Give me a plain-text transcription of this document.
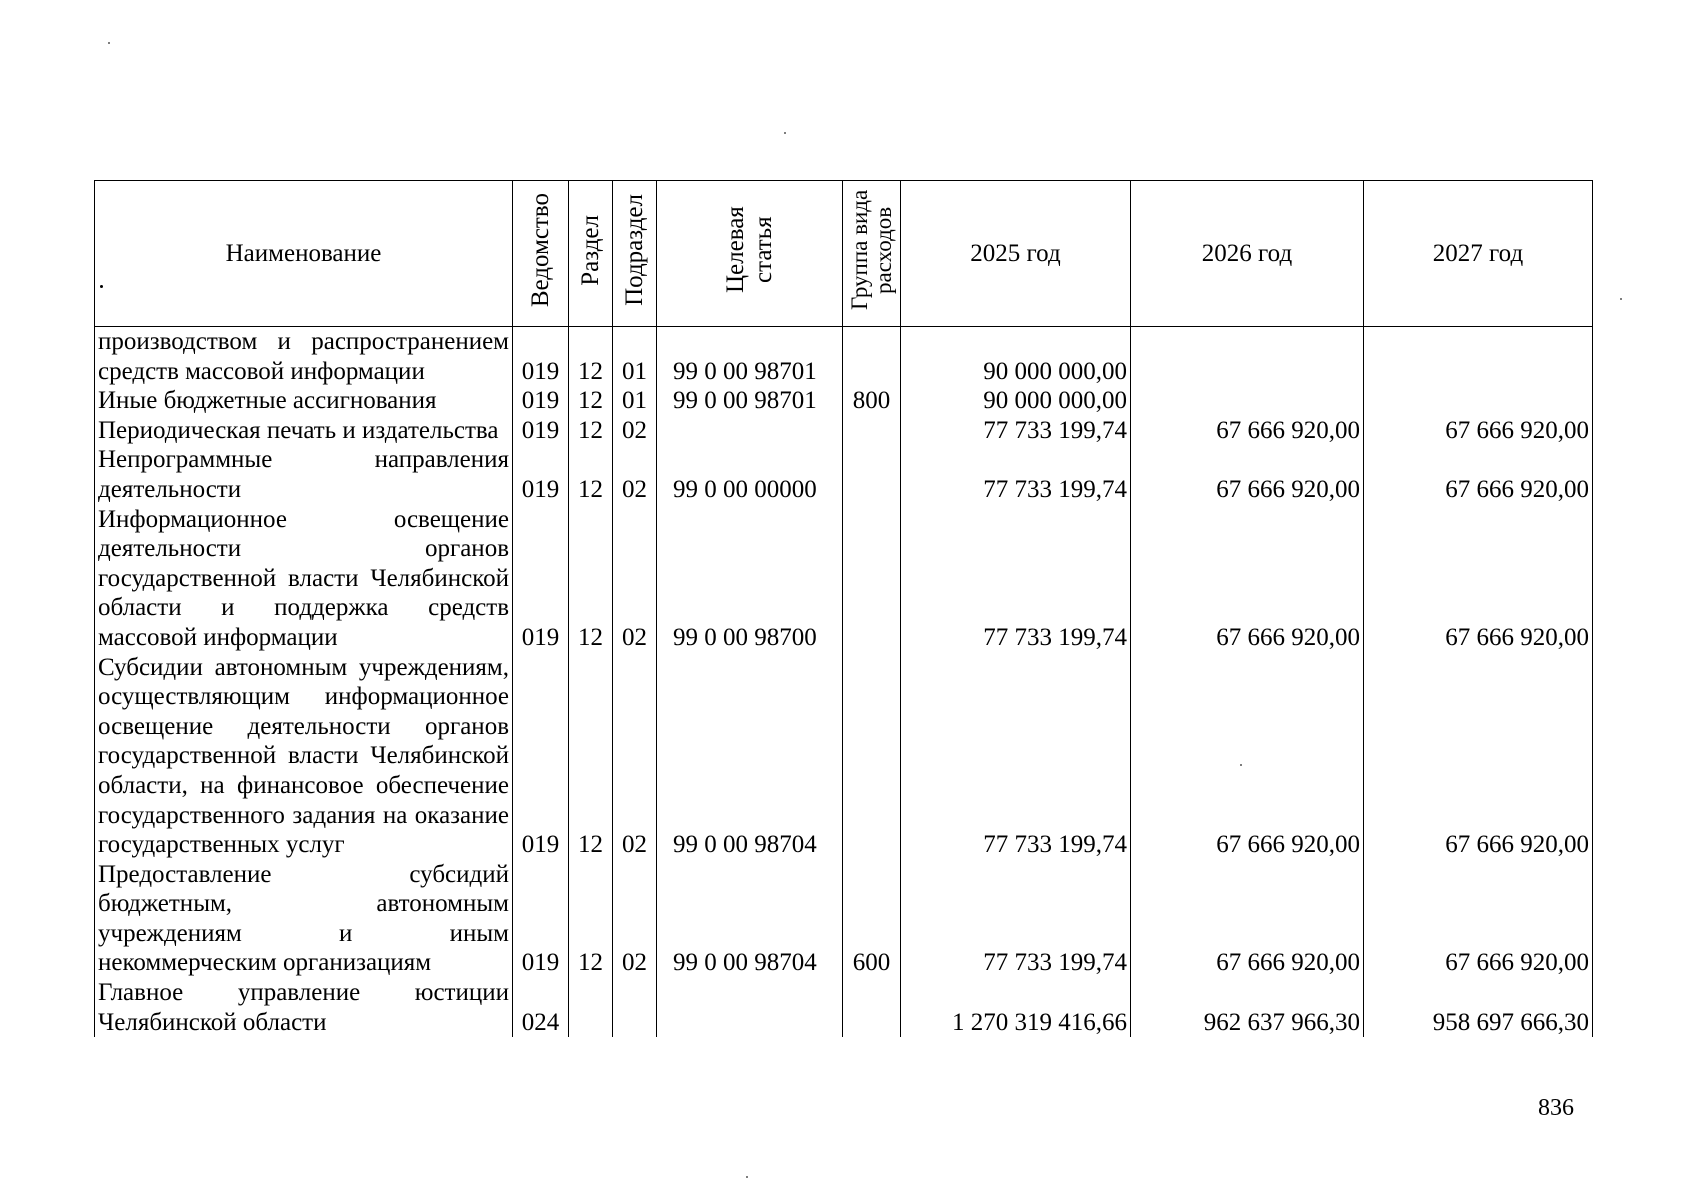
Наименование	Ведомство	Раздел	Подраздел	Целевая статья	Группа вида расходов	2025 год	2026 год	2027 год
производством и распространением средств массовой информации	019	12	01	99 0 00 98701		90 000 000,00		
Иные бюджетные ассигнования	019	12	01	99 0 00 98701	800	90 000 000,00		
Периодическая печать и издательства	019	12	02			77 733 199,74	67 666 920,00	67 666 920,00
Непрограммные направления деятельности	019	12	02	99 0 00 00000		77 733 199,74	67 666 920,00	67 666 920,00
Информационное освещение деятельности органов государственной власти Челябинской области и поддержка средств массовой информации	019	12	02	99 0 00 98700		77 733 199,74	67 666 920,00	67 666 920,00
Субсидии автономным учреждениям, осуществляющим информационное освещение деятельности органов государственной власти Челябинской области, на финансовое обеспечение государственного задания на оказание государственных услуг	019	12	02	99 0 00 98704		77 733 199,74	67 666 920,00	67 666 920,00
Предоставление субсидий бюджетным, автономным учреждениям и иным некоммерческим организациям	019	12	02	99 0 00 98704	600	77 733 199,74	67 666 920,00	67 666 920,00
Главное управление юстиции Челябинской области	024					1 270 319 416,66	962 637 966,30	958 697 666,30
836
